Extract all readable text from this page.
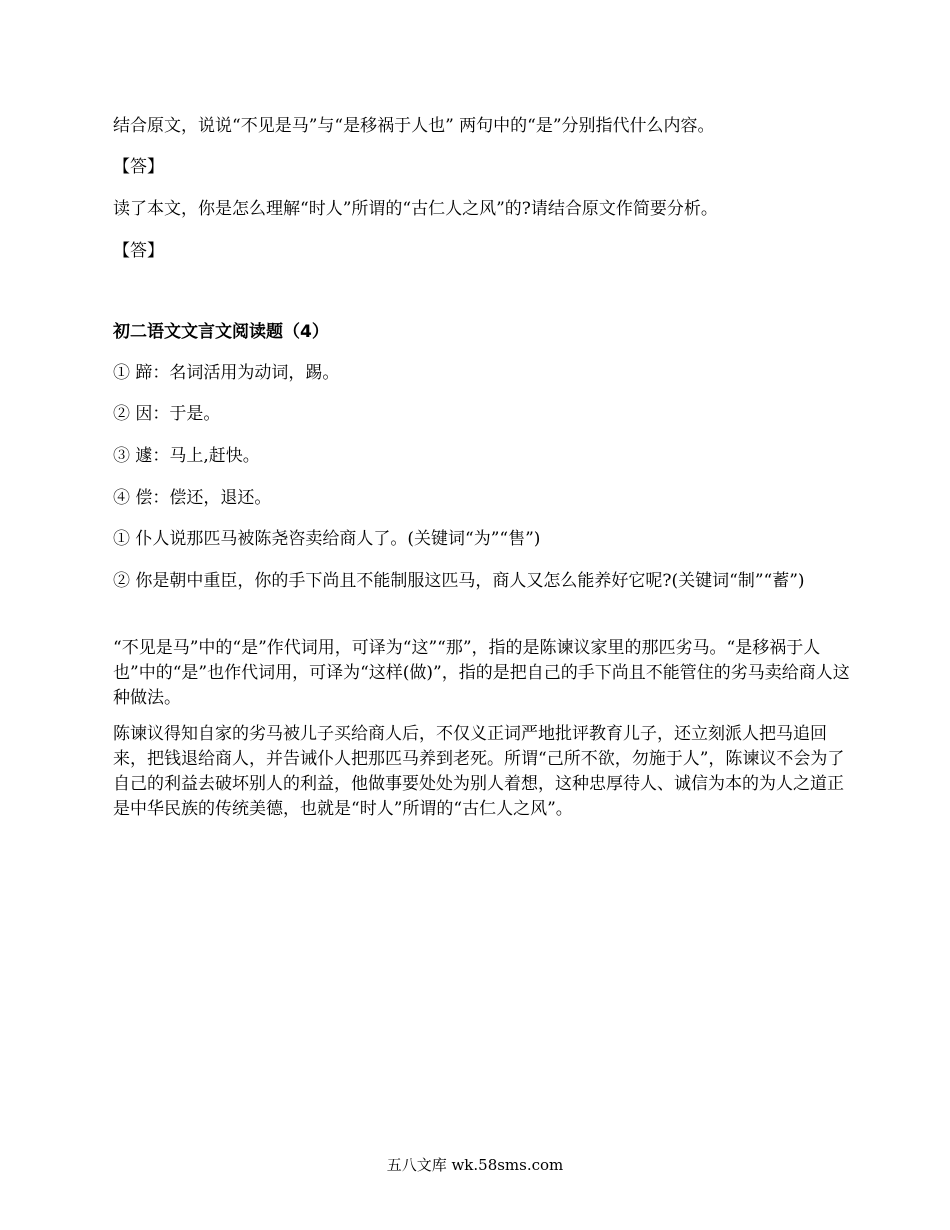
结合原文，说说“不见是马”与“是移祸于人也” 两句中的“是”分别指代什么内容。
【答】
读了本文，你是怎么理解“时人”所谓的“古仁人之风”的?请结合原文作简要分析。
【答】
初二语文文言文阅读题（4）
① 蹄：名词活用为动词，踢。
② 因：于是。
③ 遽：马上,赶快。
④ 偿：偿还，退还。
① 仆人说那匹马被陈尧咨卖给商人了。(关键词“为”“售”)
② 你是朝中重臣，你的手下尚且不能制服这匹马，商人又怎么能养好它呢?(关键词“制”“蓄”)
“不见是马”中的“是”作代词用，可译为“这”“那”，指的是陈谏议家里的那匹劣马。“是移祸于人也”中的“是”也作代词用，可译为“这样(做)”，指的是把自己的手下尚且不能管住的劣马卖给商人这种做法。
陈谏议得知自家的劣马被儿子买给商人后，不仅义正词严地批评教育儿子，还立刻派人把马追回来，把钱退给商人，并告诫仆人把那匹马养到老死。所谓“己所不欲，勿施于人”，陈谏议不会为了自己的利益去破坏别人的利益，他做事要处处为别人着想，这种忠厚待人、诚信为本的为人之道正是中华民族的传统美德，也就是“时人”所谓的“古仁人之风”。
五八文库 wk.58sms.com
